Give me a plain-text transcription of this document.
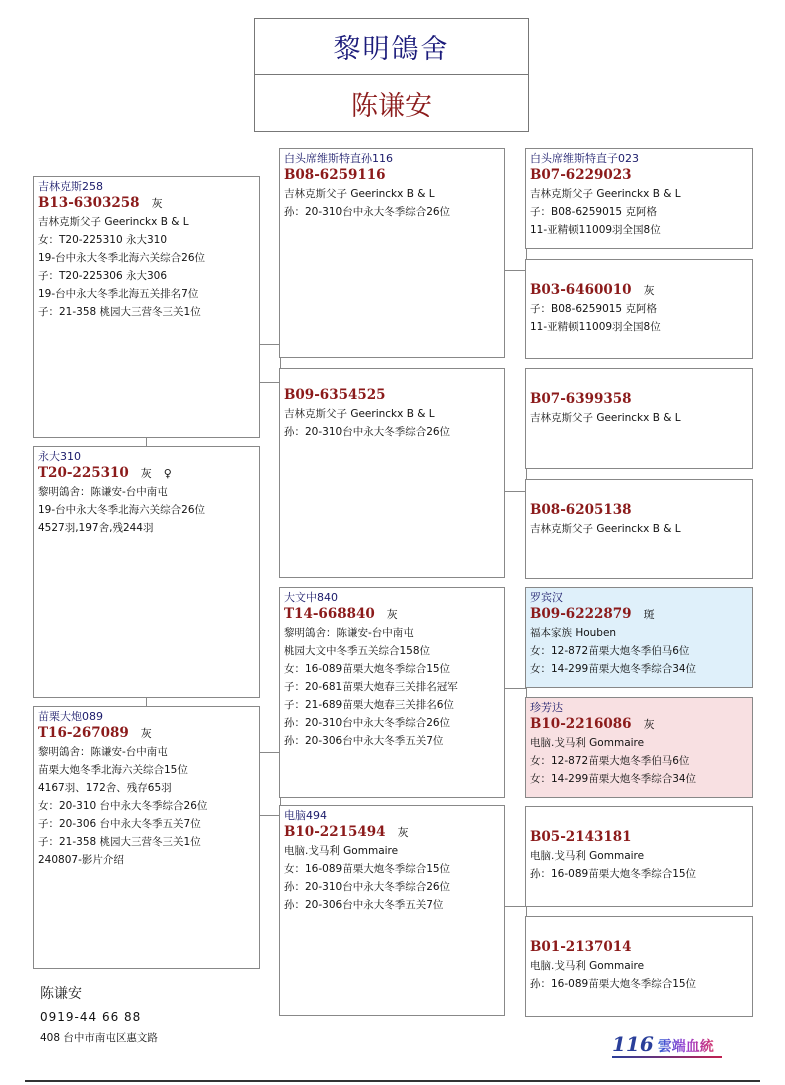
黎明鴿舍
陈谦安
吉林克斯258
B13-6303258 灰
吉林克斯父子 Geerinckx B & L
女：T20-225310 永大310
19-台中永大冬季北海六关综合26位
子：T20-225306 永大306
19-台中永大冬季北海五关排名7位
子：21-358 桃园大三营冬三关1位
永大310
T20-225310 灰 ♀
黎明鴿舍：陈谦安-台中南屯
19-台中永大冬季北海六关综合26位
4527羽,197舍,残244羽
苗栗大炮089
T16-267089 灰
黎明鴿舍：陈谦安-台中南屯
苗栗大炮冬季北海六关综合15位
4167羽、172舍、残存65羽
女：20-310 台中永大冬季综合26位
子：20-306 台中永大冬季五关7位
子：21-358 桃园大三营冬三关1位
240807-影片介绍
白头席维斯特直孙116
B08-6259116
吉林克斯父子 Geerinckx B & L
孙：20-310台中永大冬季综合26位
B09-6354525
吉林克斯父子 Geerinckx B & L
孙：20-310台中永大冬季综合26位
大文中840
T14-668840 灰
黎明鴿舍：陈谦安-台中南屯
桃园大文中冬季五关综合158位
女：16-089苗栗大炮冬季综合15位
子：20-681苗栗大炮春三关排名冠军
子：21-689苗栗大炮春三关排名6位
孙：20-310台中永大冬季综合26位
孙：20-306台中永大冬季五关7位
电脑494
B10-2215494 灰
电脑.戈马利 Gommaire
女：16-089苗栗大炮冬季综合15位
孙：20-310台中永大冬季综合26位
孙：20-306台中永大冬季五关7位
白头席维斯特直子023
B07-6229023
吉林克斯父子 Geerinckx B & L
子：B08-6259015 克阿格
11-亚精顿11009羽全国8位
B03-6460010 灰
子：B08-6259015 克阿格
11-亚精顿11009羽全国8位
B07-6399358
吉林克斯父子 Geerinckx B & L
B08-6205138
吉林克斯父子 Geerinckx B & L
罗宾汉
B09-6222879 斑
福本家族 Houben
女：12-872苗栗大炮冬季伯马6位
女：14-299苗栗大炮冬季综合34位
珍芳达
B10-2216086 灰
电脑.戈马利 Gommaire
女：12-872苗栗大炮冬季伯马6位
女：14-299苗栗大炮冬季综合34位
B05-2143181
电脑.戈马利 Gommaire
孙：16-089苗栗大炮冬季综合15位
B01-2137014
电脑.戈马利 Gommaire
孙：16-089苗栗大炮冬季综合15位
陈谦安
0919-44 66 88
408 台中市南屯区惠文路	116 雲端血統
